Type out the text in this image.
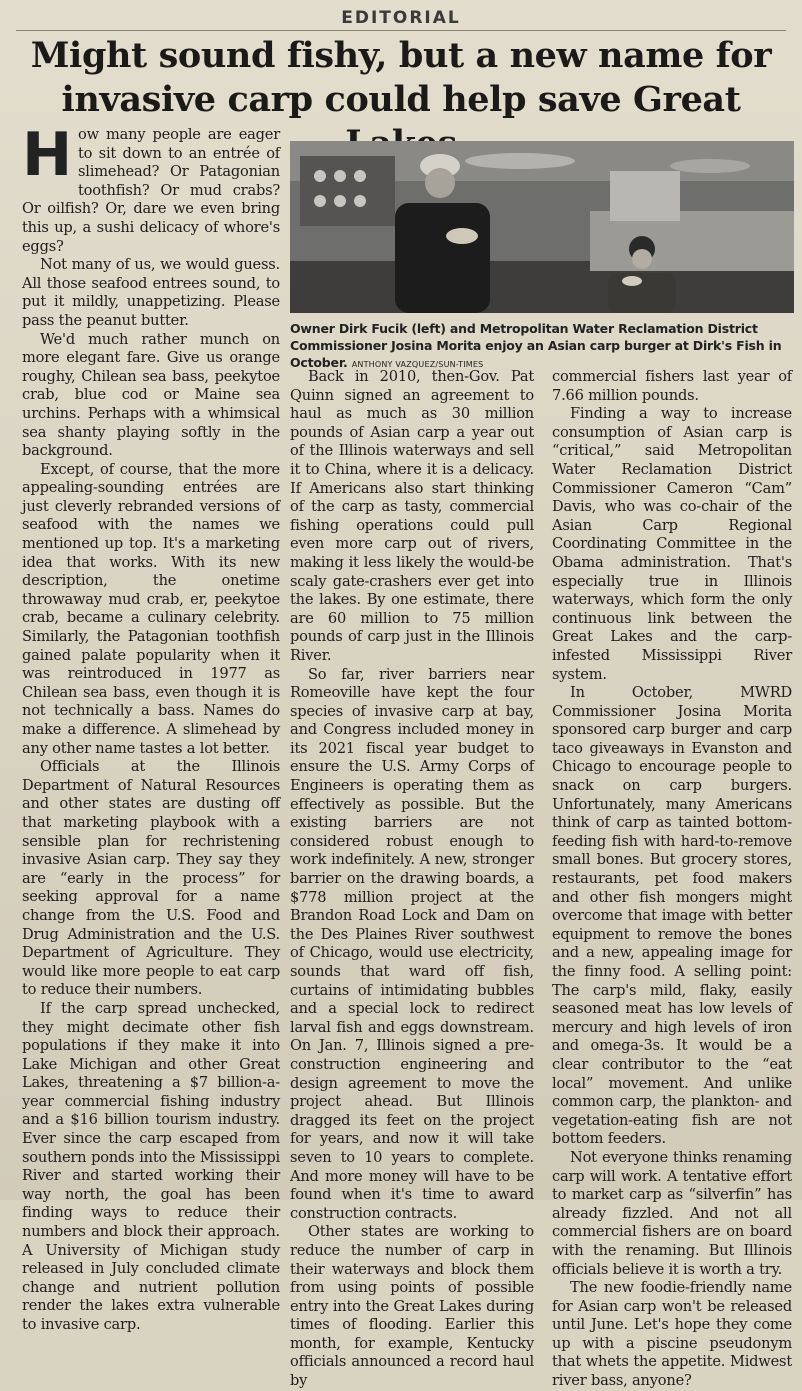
EDITORIAL
Might sound fishy, but a new name for invasive carp could help save Great

How many people are eager to sit down to an entrée of slimehead? Or Patagonian toothfish? Or mud crabs? Or oilfish? Or, dare we even bring this up, a sushi delicacy of whore's eggs?

Not many of us, we would guess. All those seafood entrees sound, to put it mildly, unappetizing. Please pass the peanut butter.

We'd much rather munch on more elegant fare. Give us orange roughy, Chilean sea bass, peekytoe crab, blue cod or Maine sea urchins. Perhaps with a whimsical sea shanty playing softly in the background.

Except, of course, that the more appealing-sounding entrées are just cleverly rebranded versions of seafood with the names we mentioned up top. It's a marketing idea that works. With its new description, the onetime throwaway mud crab, er, peekytoe crab, became a culinary celebrity. Similarly, the Patagonian toothfish gained palate popularity when it was reintroduced in 1977 as Chilean sea bass, even though it is not technically a bass. Names do make a difference. A slimehead by any other name tastes a lot better.

Officials at the Illinois Department of Natural Resources and other states are dusting off that marketing playbook with a sensible plan for rechristening invasive Asian carp. They say they are “early in the process” for seeking approval for a name change from the U.S. Food and Drug Administration and the U.S. Department of Agriculture. They would like more people to eat carp to reduce their numbers.

If the carp spread unchecked, they might decimate other fish populations if they make it into Lake Michigan and other Great Lakes, threatening a $7 billion-a-year commercial fishing industry and a $16 billion tourism industry. Ever since the carp escaped from southern ponds into the Mississippi River and started working their way north, the goal has been finding ways to reduce their numbers and block their approach. A University of Michigan study released in July concluded climate change and nutrient pollution render the lakes extra vulnerable to invasive carp.

Owner Dirk Fucik (left) and Metropolitan Water Reclamation District Commissioner Josina Morita enjoy an Asian carp burger at Dirk's Fish in October. ANTHONY VAZQUEZ/SUN-TIMES

Back in 2010, then-Gov. Pat Quinn signed an agreement to haul as much as 30 million pounds of Asian carp a year out of the Illinois waterways and sell it to China, where it is a delicacy. If Americans also start thinking of the carp as tasty, commercial fishing operations could pull even more carp out of rivers, making it less likely the would-be scaly gate-crashers ever get into the lakes. By one estimate, there are 60 million to 75 million pounds of carp just in the Illinois River.

So far, river barriers near Romeoville have kept the four species of invasive carp at bay, and Congress included money in its 2021 fiscal year budget to ensure the U.S. Army Corps of Engineers is operating them as effectively as possible. But the existing barriers are not considered robust enough to work indefinitely. A new, stronger barrier on the drawing boards, a $778 million project at the Brandon Road Lock and Dam on the Des Plaines River southwest of Chicago, would use electricity, sounds that ward off fish, curtains of intimidating bubbles and a special lock to redirect larval fish and eggs downstream. On Jan. 7, Illinois signed a pre-construction engineering and design agreement to move the project ahead. But Illinois dragged its feet on the project for years, and now it will take seven to 10 years to complete. And more money will have to be found when it's time to award construction contracts.

Other states are working to reduce the number of carp in their waterways and block them from using points of possible entry into the Great Lakes during times of flooding. Earlier this month, for example, Kentucky officials announced a record haul by

commercial fishers last year of 7.66 million pounds.

Finding a way to increase consumption of Asian carp is “critical,” said Metropolitan Water Reclamation District Commissioner Cameron “Cam” Davis, who was co-chair of the Asian Carp Regional Coordinating Committee in the Obama administration. That's especially true in Illinois waterways, which form the only continuous link between the Great Lakes and the carp-infested Mississippi River system.

In October, MWRD Commissioner Josina Morita sponsored carp burger and carp taco giveaways in Evanston and Chicago to encourage people to snack on carp burgers. Unfortunately, many Americans think of carp as tainted bottom-feeding fish with hard-to-remove small bones. But grocery stores, restaurants, pet food makers and other fish mongers might overcome that image with better equipment to remove the bones and a new, appealing image for the finny food. A selling point: The carp's mild, flaky, easily seasoned meat has low levels of mercury and high levels of iron and omega-3s. It would be a clear contributor to the “eat local” movement. And unlike common carp, the plankton- and vegetation-eating fish are not bottom feeders.

Not everyone thinks renaming carp will work. A tentative effort to market carp as “silverfin” has already fizzled. And not all commercial fishers are on board with the renaming. But Illinois officials believe it is worth a try.

The new foodie-friendly name for Asian carp won't be released until June. Let's hope they come up with a piscine pseudonym that whets the appetite. Midwest river bass, anyone?
